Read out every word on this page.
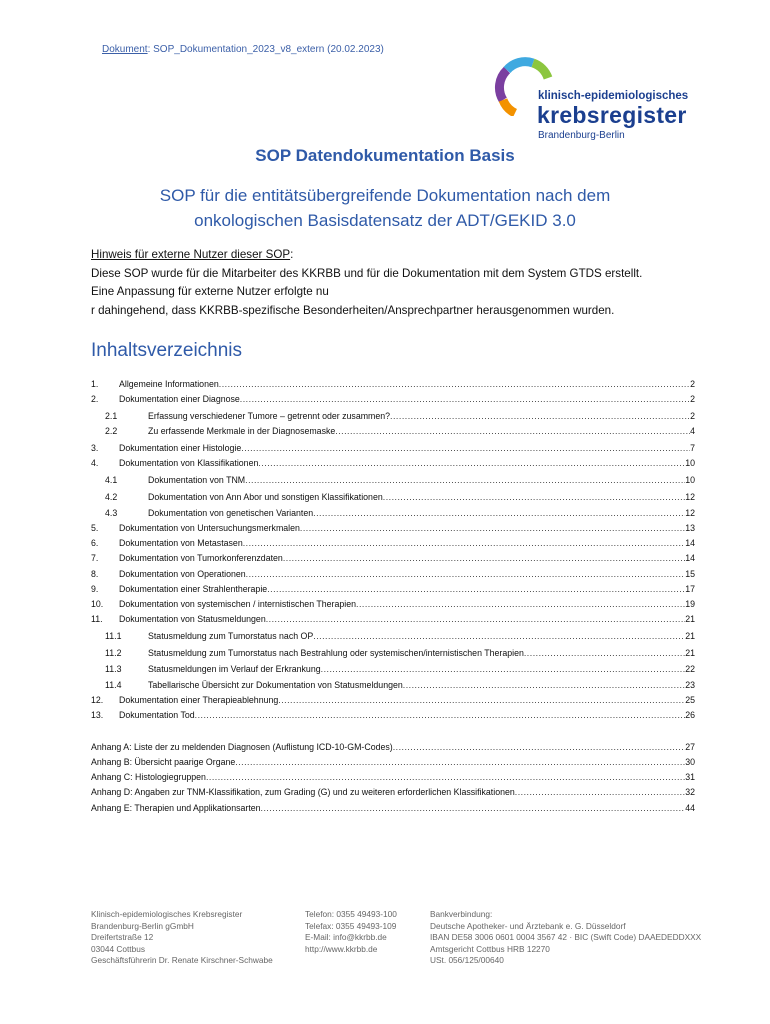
Dokument: SOP_Dokumentation_2023_v8_extern (20.02.2023)
klinisch-epidemiologisches
krebsregister
Brandenburg-Berlin
SOP Datendokumentation Basis
SOP für die entitätsübergreifende Dokumentation nach dem
onkologischen Basisdatensatz der ADT/GEKID 3.0
Hinweis für externe Nutzer dieser SOP:
Diese SOP wurde für die Mitarbeiter des KKRBB und für die Dokumentation mit dem System GTDS erstellt.
Eine Anpassung für externe Nutzer erfolgte nu
r dahingehend, dass KKRBB-spezifische Besonderheiten/Ansprechpartner herausgenommen wurden.
Inhaltsverzeichnis
1. Allgemeine Informationen .....	2
2. Dokumentation einer Diagnose .....	2
2.1	Erfassung verschiedener Tumore – getrennt oder zusammen? .....	2
2.2	Zu erfassende Merkmale in der Diagnosemaske .....	4
3. Dokumentation einer Histologie .....	7
4. Dokumentation von Klassifikationen .....	10
4.1	Dokumentation von TNM .....	10
4.2	Dokumentation von Ann Abor und sonstigen Klassifikationen .....	12
4.3	Dokumentation von genetischen Varianten .....	12
5. Dokumentation von Untersuchungsmerkmalen .....	13
6. Dokumentation von Metastasen .....	14
7. Dokumentation von Tumorkonferenzdaten .....	14
8. Dokumentation von Operationen .....	15
9. Dokumentation einer Strahlentherapie .....	17
10. Dokumentation von systemischen / internistischen Therapien .....	19
11. Dokumentation von Statusmeldungen .....	21
11.1	Statusmeldung zum Tumorstatus nach OP .....	21
11.2	Statusmeldung zum Tumorstatus nach Bestrahlung oder systemischen/internistischen Therapien .....	21
11.3	Statusmeldungen im Verlauf der Erkrankung .....	22
11.4	Tabellarische Übersicht zur Dokumentation von Statusmeldungen .....	23
12. Dokumentation einer Therapieablehnung .....	25
13. Dokumentation Tod .....	26
Anhang A: Liste der zu meldenden Diagnosen (Auflistung ICD-10-GM-Codes) .....	27
Anhang B: Übersicht paarige Organe .....	30
Anhang C: Histologiegruppen .....	31
Anhang D: Angaben zur TNM-Klassifikation, zum Grading (G) und zu weiteren erforderlichen Klassifikationen .....	32
Anhang E: Therapien und Applikationsarten .....	44
Klinisch-epidemiologisches Krebsregister
Brandenburg-Berlin gGmbH
Dreifertstraße 12
03044 Cottbus
Geschäftsführerin Dr. Renate Kirschner-Schwabe
Telefon: 0355 49493-100
Telefax: 0355 49493-109
E-Mail: info@kkrbb.de
http://www.kkrbb.de
Bankverbindung:
Deutsche Apotheker- und Ärztebank e. G. Düsseldorf
IBAN DE58 3006 0601 0004 3567 42 · BIC (Swift Code) DAAEDEDDXXX
Amtsgericht Cottbus HRB 12270
USt. 056/125/00640
